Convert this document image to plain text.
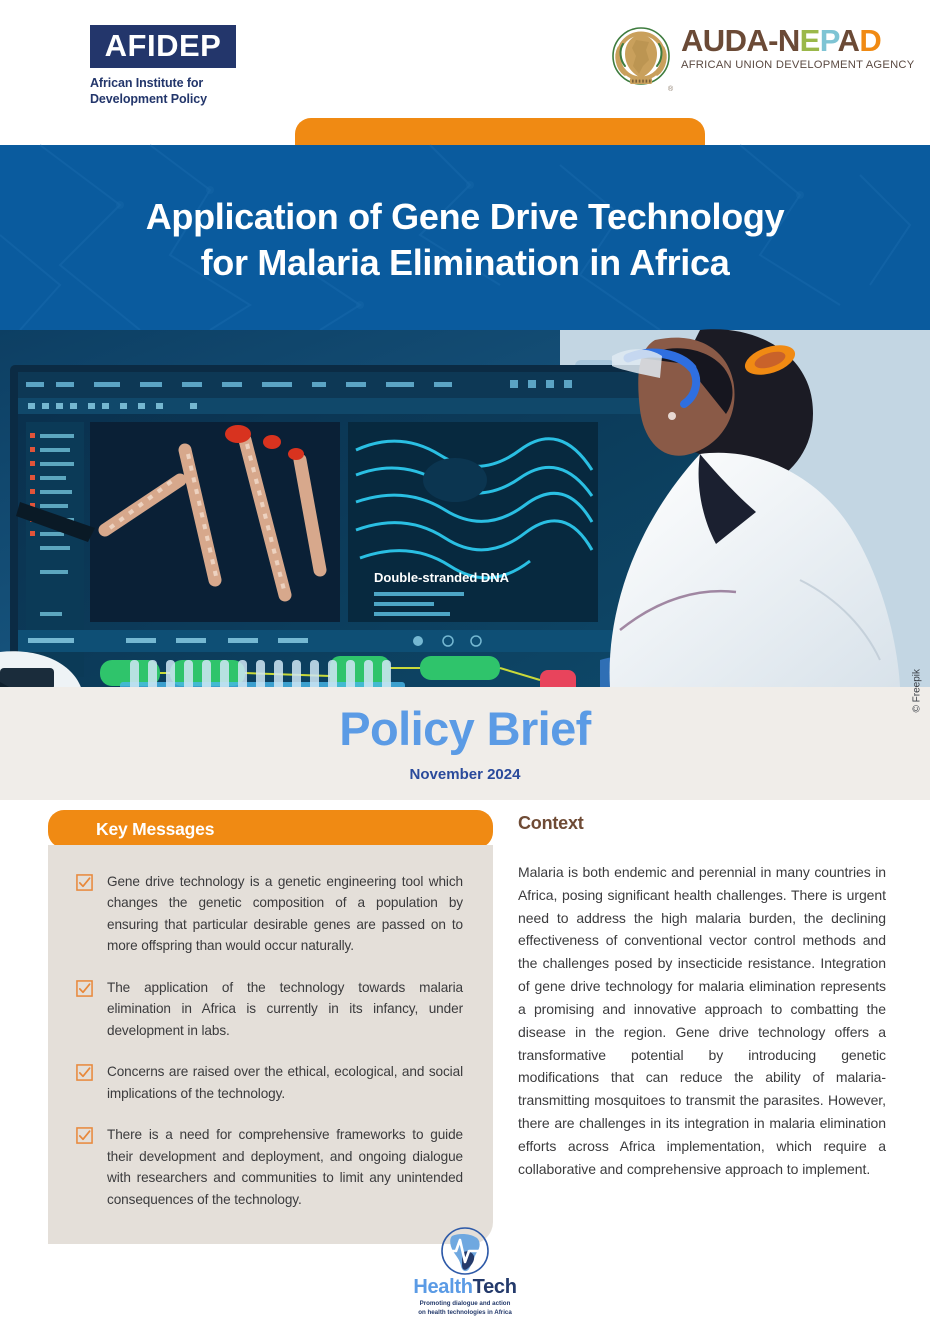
AFIDEP
African Institute for
Development Policy
AUDA-NEPAD
AFRICAN UNION DEVELOPMENT AGENCY
®
Application of Gene Drive Technology
for Malaria Elimination in Africa
Double-stranded DNA
© Freepik
Policy Brief
November 2024
Key Messages
Gene drive technology is a genetic engineering tool which changes the genetic composition of a population by ensuring that particular desirable genes are passed on to more offspring than would occur naturally.
The application of the technology towards malaria elimination in Africa is currently in its infancy, under development in labs.
Concerns are raised over the ethical, ecological, and social implications of the technology.
There is a need for comprehensive frameworks to guide their development and deployment, and ongoing dialogue with researchers and communities to limit any unintended consequences of the technology.
Context
Malaria is both endemic and perennial in many countries in Africa, posing significant health challenges. There is urgent need to address the high malaria burden, the declining effectiveness of conventional vector control methods and the challenges posed by insecticide resistance. Integration of gene drive technology for malaria elimination represents a promising and innovative approach to combatting the disease in the region. Gene drive technology offers a transformative potential by introducing genetic modifications that can reduce the ability of malaria-transmitting mosquitoes to transmit the parasites. However, there are challenges in its integration in malaria elimination efforts across Africa implementation, which require a collaborative and comprehensive approach to implement.
HealthTech
Promoting dialogue and action
on health technologies in Africa
